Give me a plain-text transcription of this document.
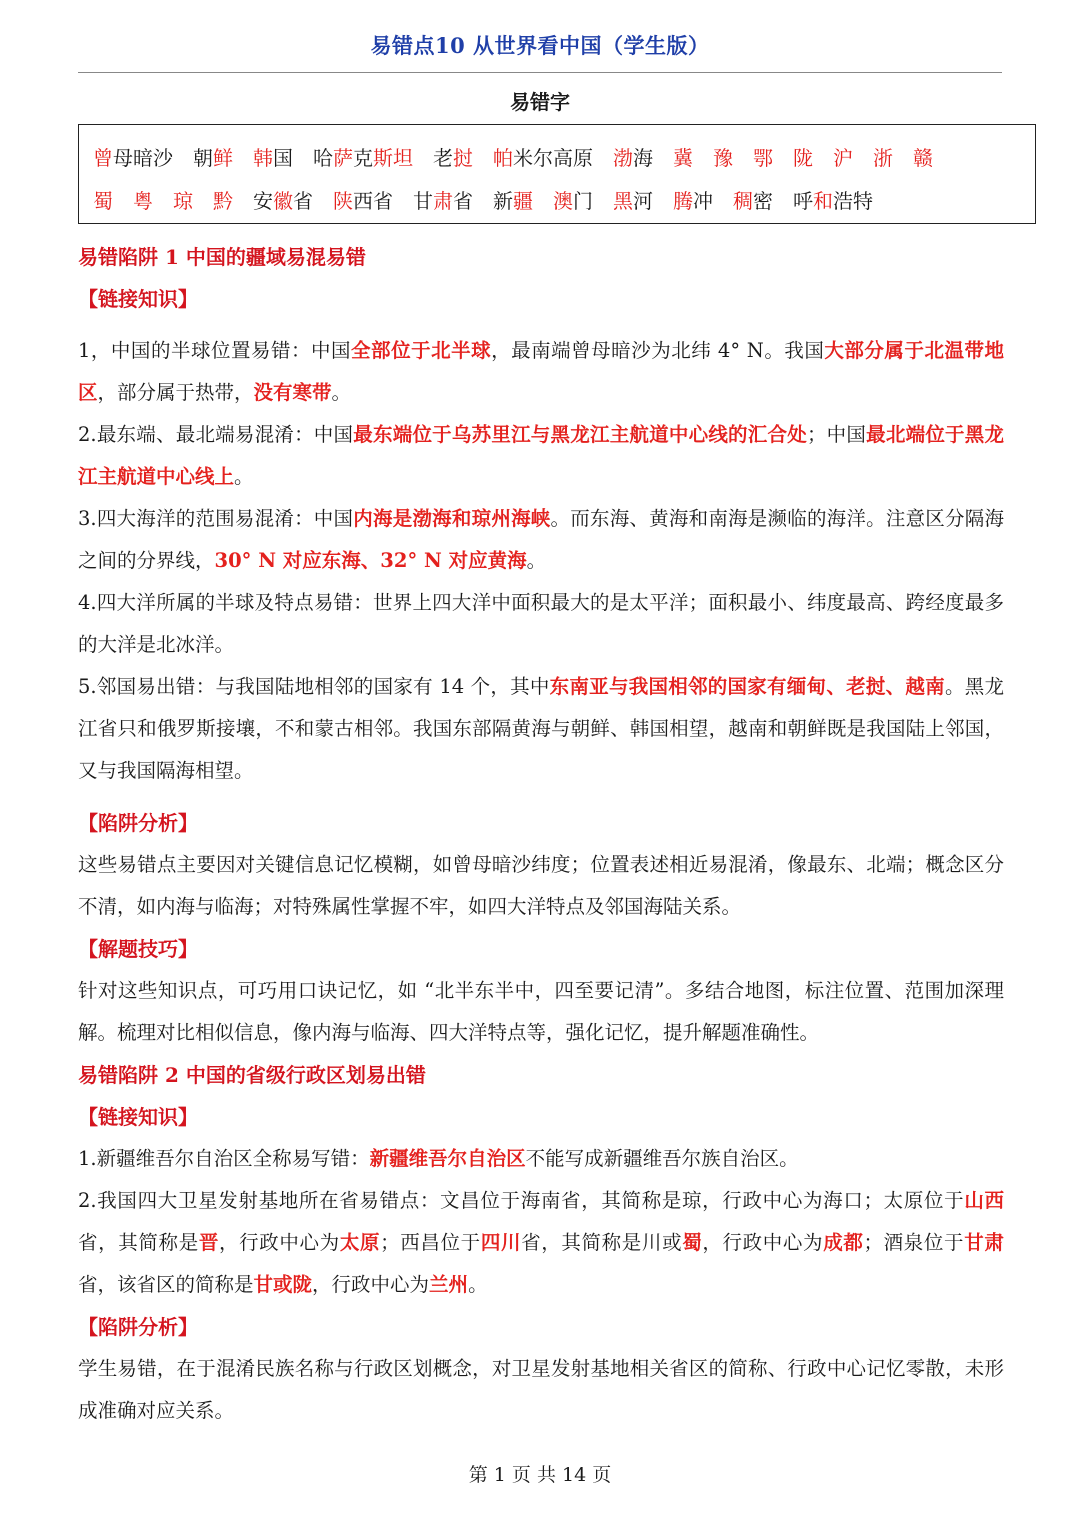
易错点10 从世界看中国（学生版）
易错字
曾母暗沙 朝鲜 韩国 哈萨克斯坦 老挝 帕米尔高原 渤海 冀 豫 鄂 陇 沪 浙 赣
蜀 粤 琼 黔 安徽省 陕西省 甘肃省 新疆 澳门 黑河 腾冲 稠密 呼和浩特

易错陷阱 1 中国的疆域易混易错

【链接知识】

1，中国的半球位置易错：中国全部位于北半球，最南端曾母暗沙为北纬 4° N。我国大部分属于北温带地区，部分属于热带，没有寒带。

2.最东端、最北端易混淆：中国最东端位于乌苏里江与黑龙江主航道中心线的汇合处；中国最北端位于黑龙江主航道中心线上。

3.四大海洋的范围易混淆：中国内海是渤海和琼州海峡。而东海、黄海和南海是濒临的海洋。注意区分隔海之间的分界线，30° N 对应东海、32° N 对应黄海。

4.四大洋所属的半球及特点易错：世界上四大洋中面积最大的是太平洋；面积最小、纬度最高、跨经度最多的大洋是北冰洋。

5.邻国易出错：与我国陆地相邻的国家有 14 个，其中东南亚与我国相邻的国家有缅甸、老挝、越南。黑龙江省只和俄罗斯接壤，不和蒙古相邻。我国东部隔黄海与朝鲜、韩国相望，越南和朝鲜既是我国陆上邻国，又与我国隔海相望。

【陷阱分析】

这些易错点主要因对关键信息记忆模糊，如曾母暗沙纬度；位置表述相近易混淆，像最东、北端；概念区分不清，如内海与临海；对特殊属性掌握不牢，如四大洋特点及邻国海陆关系。

【解题技巧】

针对这些知识点，可巧用口诀记忆，如 “北半东半中，四至要记清”。多结合地图，标注位置、范围加深理解。梳理对比相似信息，像内海与临海、四大洋特点等，强化记忆，提升解题准确性。

易错陷阱 2 中国的省级行政区划易出错

【链接知识】

1.新疆维吾尔自治区全称易写错：新疆维吾尔自治区不能写成新疆维吾尔族自治区。

2.我国四大卫星发射基地所在省易错点：文昌位于海南省，其简称是琼，行政中心为海口；太原位于山西省，其简称是晋，行政中心为太原；西昌位于四川省，其简称是川或蜀，行政中心为成都；酒泉位于甘肃省，该省区的简称是甘或陇，行政中心为兰州。

【陷阱分析】

学生易错，在于混淆民族名称与行政区划概念，对卫星发射基地相关省区的简称、行政中心记忆零散，未形成准确对应关系。

第 1 页 共 14 页
